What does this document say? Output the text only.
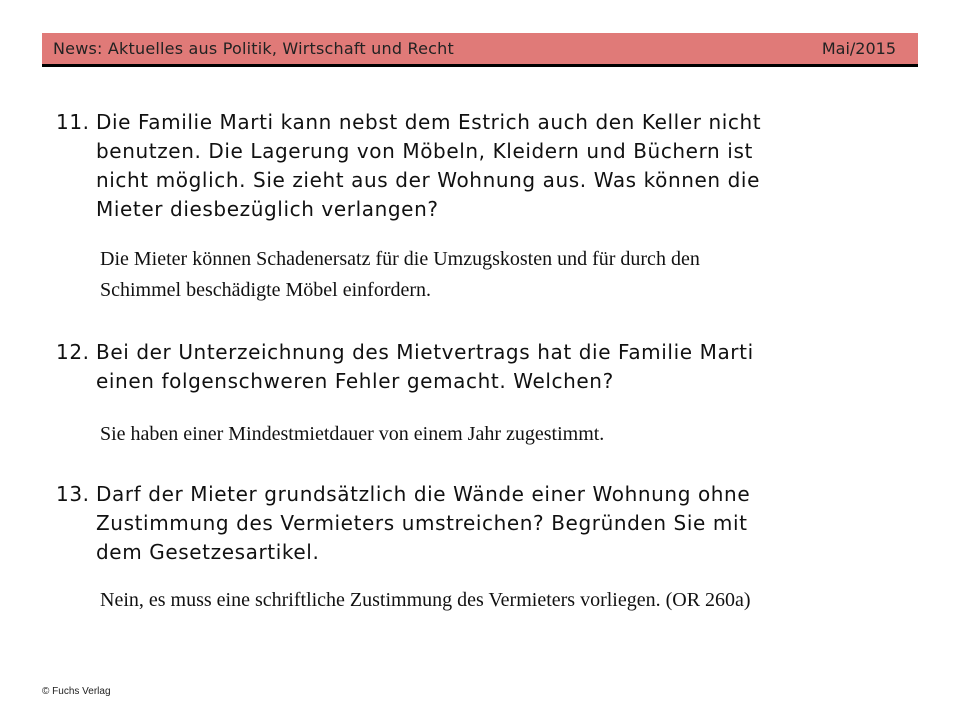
News: Aktuelles aus Politik, Wirtschaft und Recht	Mai/2015
11. Die Familie Marti kann nebst dem Estrich auch den Keller nicht
benutzen. Die Lagerung von Möbeln, Kleidern und Büchern ist
nicht möglich. Sie zieht aus der Wohnung aus. Was können die
Mieter diesbezüglich verlangen?
Die Mieter können Schadenersatz für die Umzugskosten und für durch den
Schimmel beschädigte Möbel einfordern.
12. Bei der Unterzeichnung des Mietvertrags hat die Familie Marti
einen folgenschweren Fehler gemacht. Welchen?
Sie haben einer Mindestmietdauer von einem Jahr zugestimmt.
13. Darf der Mieter grundsätzlich die Wände einer Wohnung ohne
Zustimmung des Vermieters umstreichen? Begründen Sie mit
dem Gesetzesartikel.
Nein, es muss eine schriftliche Zustimmung des Vermieters vorliegen. (OR 260a)
© Fuchs Verlag
